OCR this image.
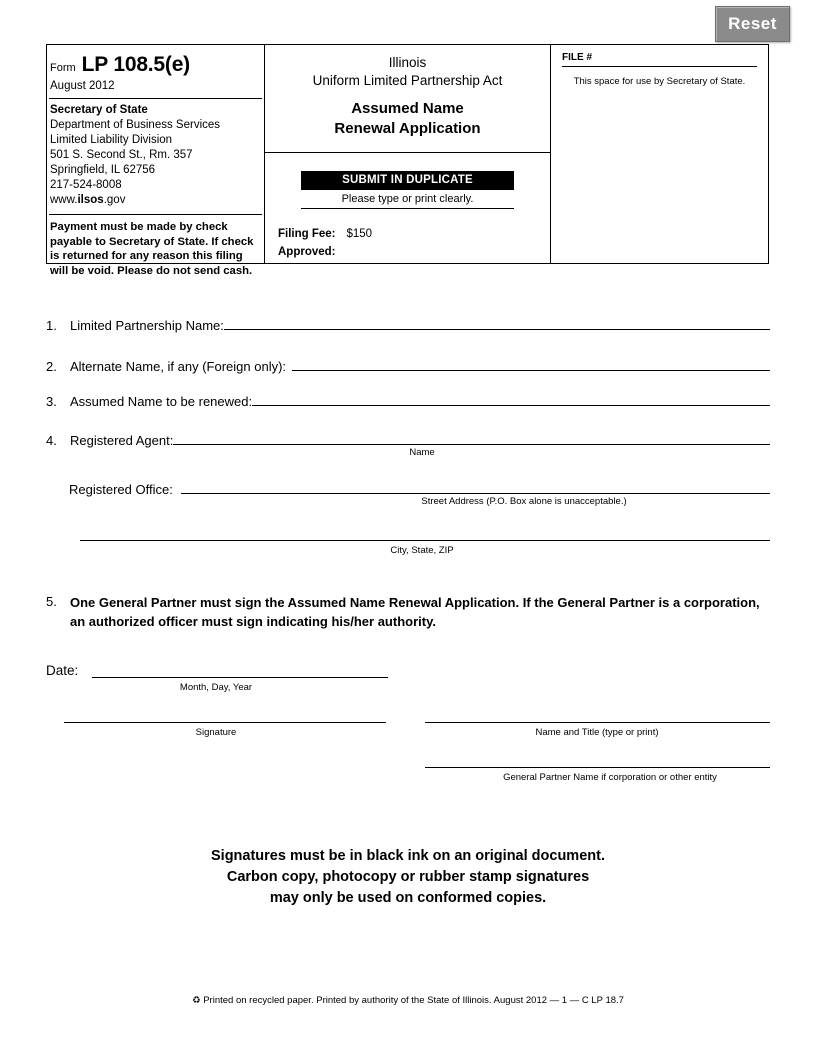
Reset
Form LP 108.5(e)
August 2012
Secretary of State
Department of Business Services
Limited Liability Division
501 S. Second St., Rm. 357
Springfield, IL 62756
217-524-8008
www.ilsos.gov
Payment must be made by check payable to Secretary of State. If check is returned for any reason this filing will be void. Please do not send cash.
Illinois
Uniform Limited Partnership Act
Assumed Name
Renewal Application
SUBMIT IN DUPLICATE
Please type or print clearly.
Filing Fee: $150
Approved:
FILE #
This space for use by Secretary of State.
1.	Limited Partnership Name:
2.	Alternate Name, if any (Foreign only):
3.	Assumed Name to be renewed:
4.	Registered Agent:
Name
Registered Office:
Street Address (P.O. Box alone is unacceptable.)
City, State, ZIP
5.	One General Partner must sign the Assumed Name Renewal Application. If the General Partner is a corporation, an authorized officer must sign indicating his/her authority.
Date:
Month, Day, Year
Signature	Name and Title (type or print)
General Partner Name if corporation or other entity
Signatures must be in black ink on an original document.
Carbon copy, photocopy or rubber stamp signatures
may only be used on conformed copies.
♻ Printed on recycled paper. Printed by authority of the State of Illinois. August 2012 — 1 — C LP 18.7
